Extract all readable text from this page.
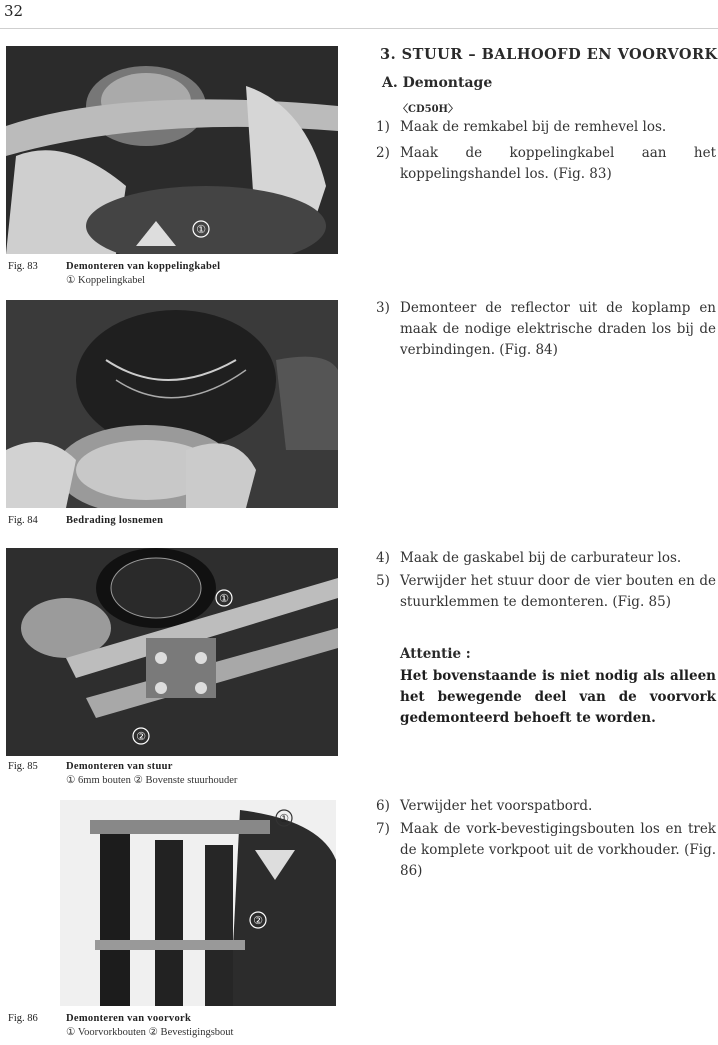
32
①
Fig. 83	Demonteren van koppelingkabel
① Koppelingkabel
Fig. 84	Bedrading losnemen
①
②
Fig. 85	Demonteren van stuur
① 6mm bouten ② Bovenste stuurhouder
①
②
Fig. 86	Demonteren van voorvork
① Voorvorkbouten ② Bevestigingsbout
3. STUUR – BALHOOFD EN VOORVORK
A. Demontage
〈CD50H〉
1) Maak de remkabel bij de remhevel los.
2) Maak de koppelingkabel aan het koppelingshandel los. (Fig. 83)
3) Demonteer de reflector uit de koplamp en maak de nodige elektrische draden los bij de verbindingen. (Fig. 84)
4) Maak de gaskabel bij de carburateur los.
5) Verwijder het stuur door de vier bouten en de stuurklemmen te demonteren. (Fig. 85)
Attentie :
Het bovenstaande is niet nodig als alleen het bewegende deel van de voorvork gedemonteerd behoeft te worden.
6) Verwijder het voorspatbord.
7) Maak de vork-bevestigingsbouten los en trek de komplete vorkpoot uit de vorkhouder. (Fig. 86)
